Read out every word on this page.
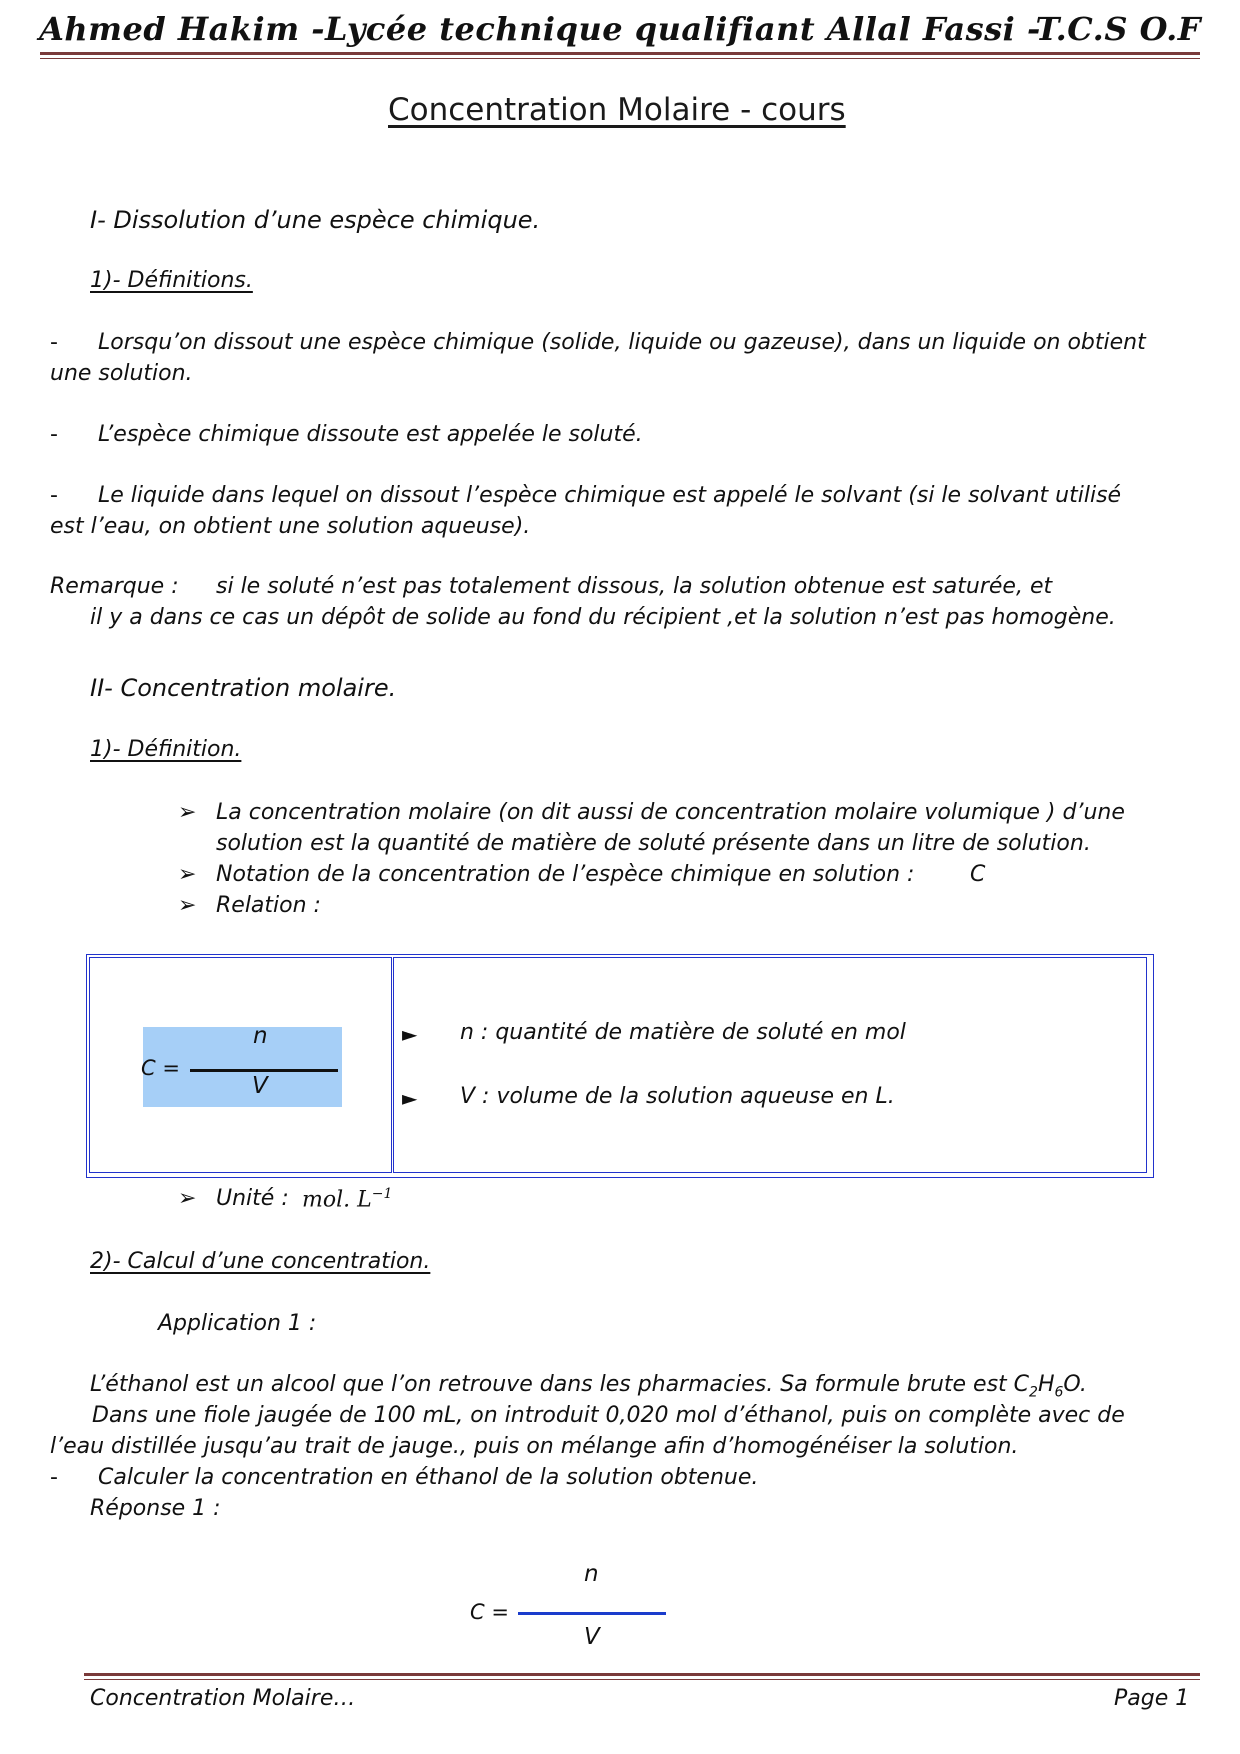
Ahmed Hakim -Lycée technique qualifiant Allal Fassi -T.C.S O.F
Concentration Molaire - cours
I- Dissolution d’une espèce chimique.
1)- Définitions.
- Lorsqu’on dissout une espèce chimique (solide, liquide ou gazeuse), dans un liquide on obtient
une solution.
- L’espèce chimique dissoute est appelée le soluté.
- Le liquide dans lequel on dissout l’espèce chimique est appelé le solvant (si le solvant utilisé
est l’eau, on obtient une solution aqueuse).
Remarque : si le soluté n’est pas totalement dissous, la solution obtenue est saturée, et
il y a dans ce cas un dépôt de solide au fond du récipient ,et la solution n’est pas homogène.
II- Concentration molaire.
1)- Définition.
➢ La concentration molaire (on dit aussi de concentration molaire volumique ) d’une
solution est la quantité de matière de soluté présente dans un litre de solution.
➢ Notation de la concentration de l’espèce chimique en solution :	C
➢ Relation :
C =
n
V
► n : quantité de matière de soluté en mol
► V : volume de la solution aqueuse en L.
➢ Unité : mol. $L^{-1}$
2)- Calcul d’une concentration.
Application 1 :
L’éthanol est un alcool que l’on retrouve dans les pharmacies. Sa formule brute est $C_2H_6O$.
Dans une fiole jaugée de 100 mL, on introduit 0,020 mol d’éthanol, puis on complète avec de
l’eau distillée jusqu’au trait de jauge., puis on mélange afin d’homogénéiser la solution.
- Calculer la concentration en éthanol de la solution obtenue.
Réponse 1 :
C =
n
V
Concentration Molaire…	Page 1
